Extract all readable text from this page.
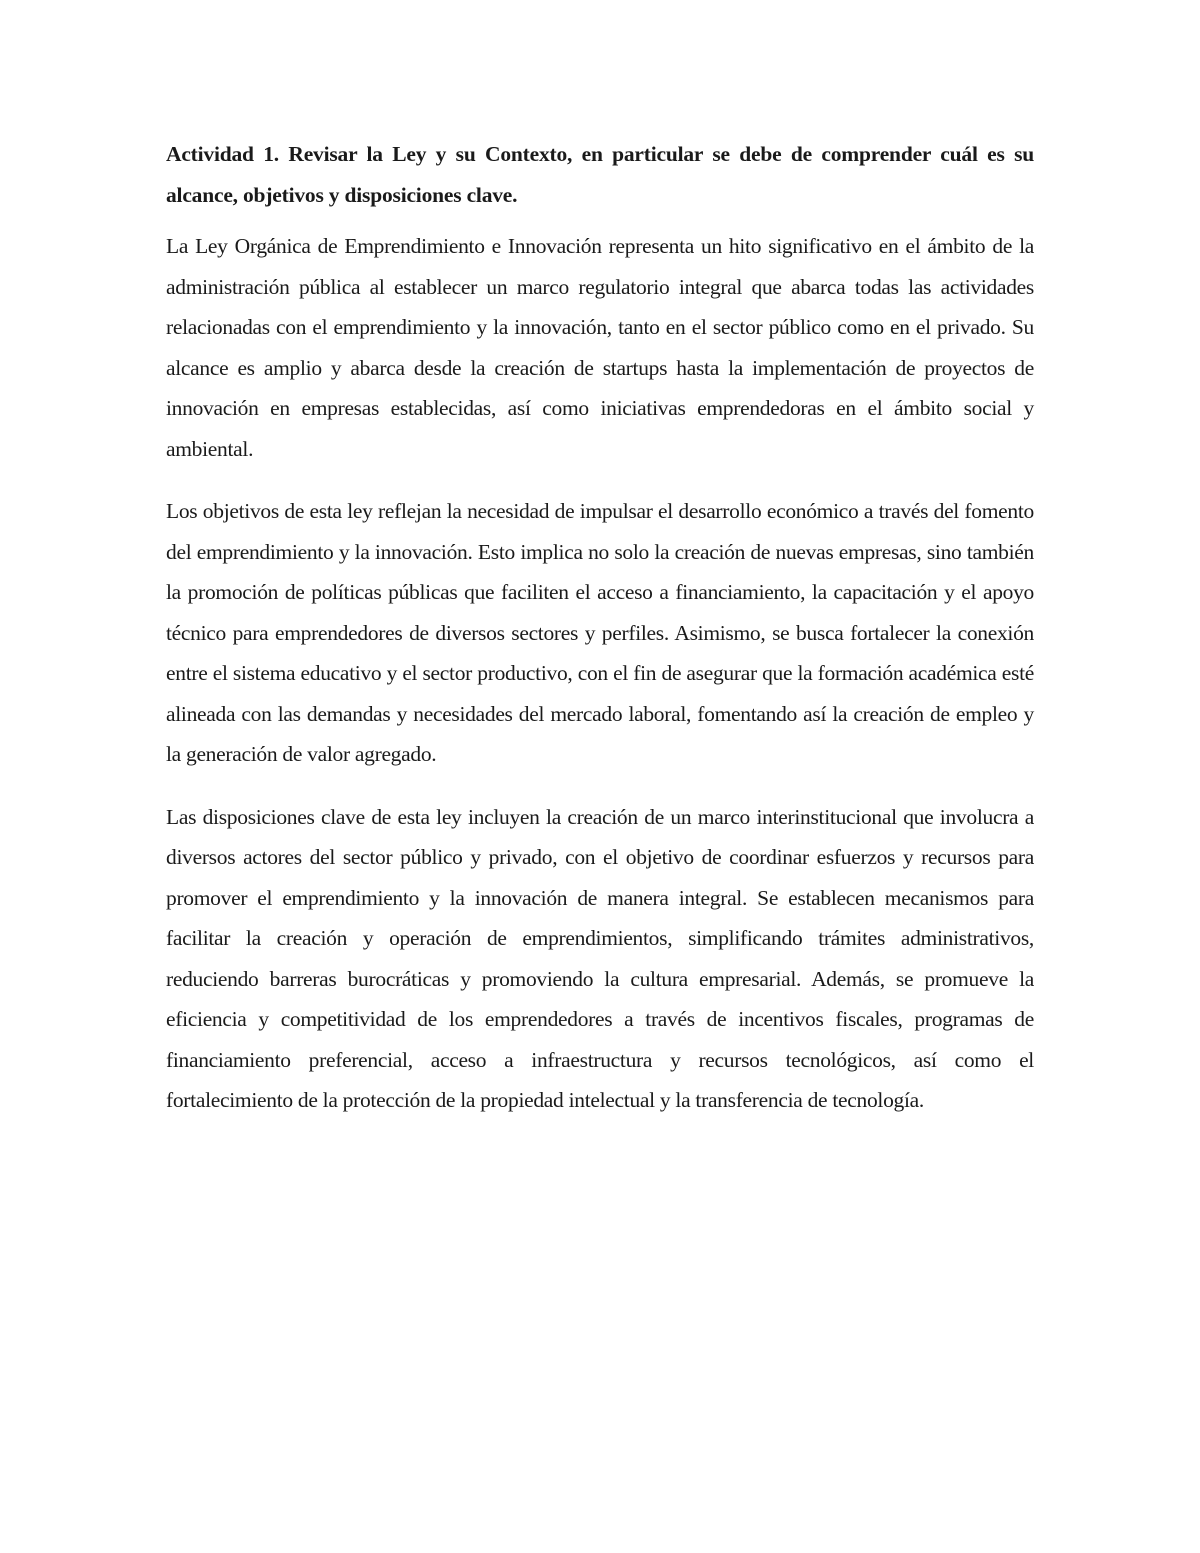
Actividad 1. Revisar la Ley y su Contexto, en particular se debe de comprender cuál es su alcance, objetivos y disposiciones clave.

La Ley Orgánica de Emprendimiento e Innovación representa un hito significativo en el ámbito de la administración pública al establecer un marco regulatorio integral que abarca todas las actividades relacionadas con el emprendimiento y la innovación, tanto en el sector público como en el privado. Su alcance es amplio y abarca desde la creación de startups hasta la implementación de proyectos de innovación en empresas establecidas, así como iniciativas emprendedoras en el ámbito social y ambiental.

Los objetivos de esta ley reflejan la necesidad de impulsar el desarrollo económico a través del fomento del emprendimiento y la innovación. Esto implica no solo la creación de nuevas empresas, sino también la promoción de políticas públicas que faciliten el acceso a financiamiento, la capacitación y el apoyo técnico para emprendedores de diversos sectores y perfiles. Asimismo, se busca fortalecer la conexión entre el sistema educativo y el sector productivo, con el fin de asegurar que la formación académica esté alineada con las demandas y necesidades del mercado laboral, fomentando así la creación de empleo y la generación de valor agregado.

Las disposiciones clave de esta ley incluyen la creación de un marco interinstitucional que involucra a diversos actores del sector público y privado, con el objetivo de coordinar esfuerzos y recursos para promover el emprendimiento y la innovación de manera integral. Se establecen mecanismos para facilitar la creación y operación de emprendimientos, simplificando trámites administrativos, reduciendo barreras burocráticas y promoviendo la cultura empresarial. Además, se promueve la eficiencia y competitividad de los emprendedores a través de incentivos fiscales, programas de financiamiento preferencial, acceso a infraestructura y recursos tecnológicos, así como el fortalecimiento de la protección de la propiedad intelectual y la transferencia de tecnología.
